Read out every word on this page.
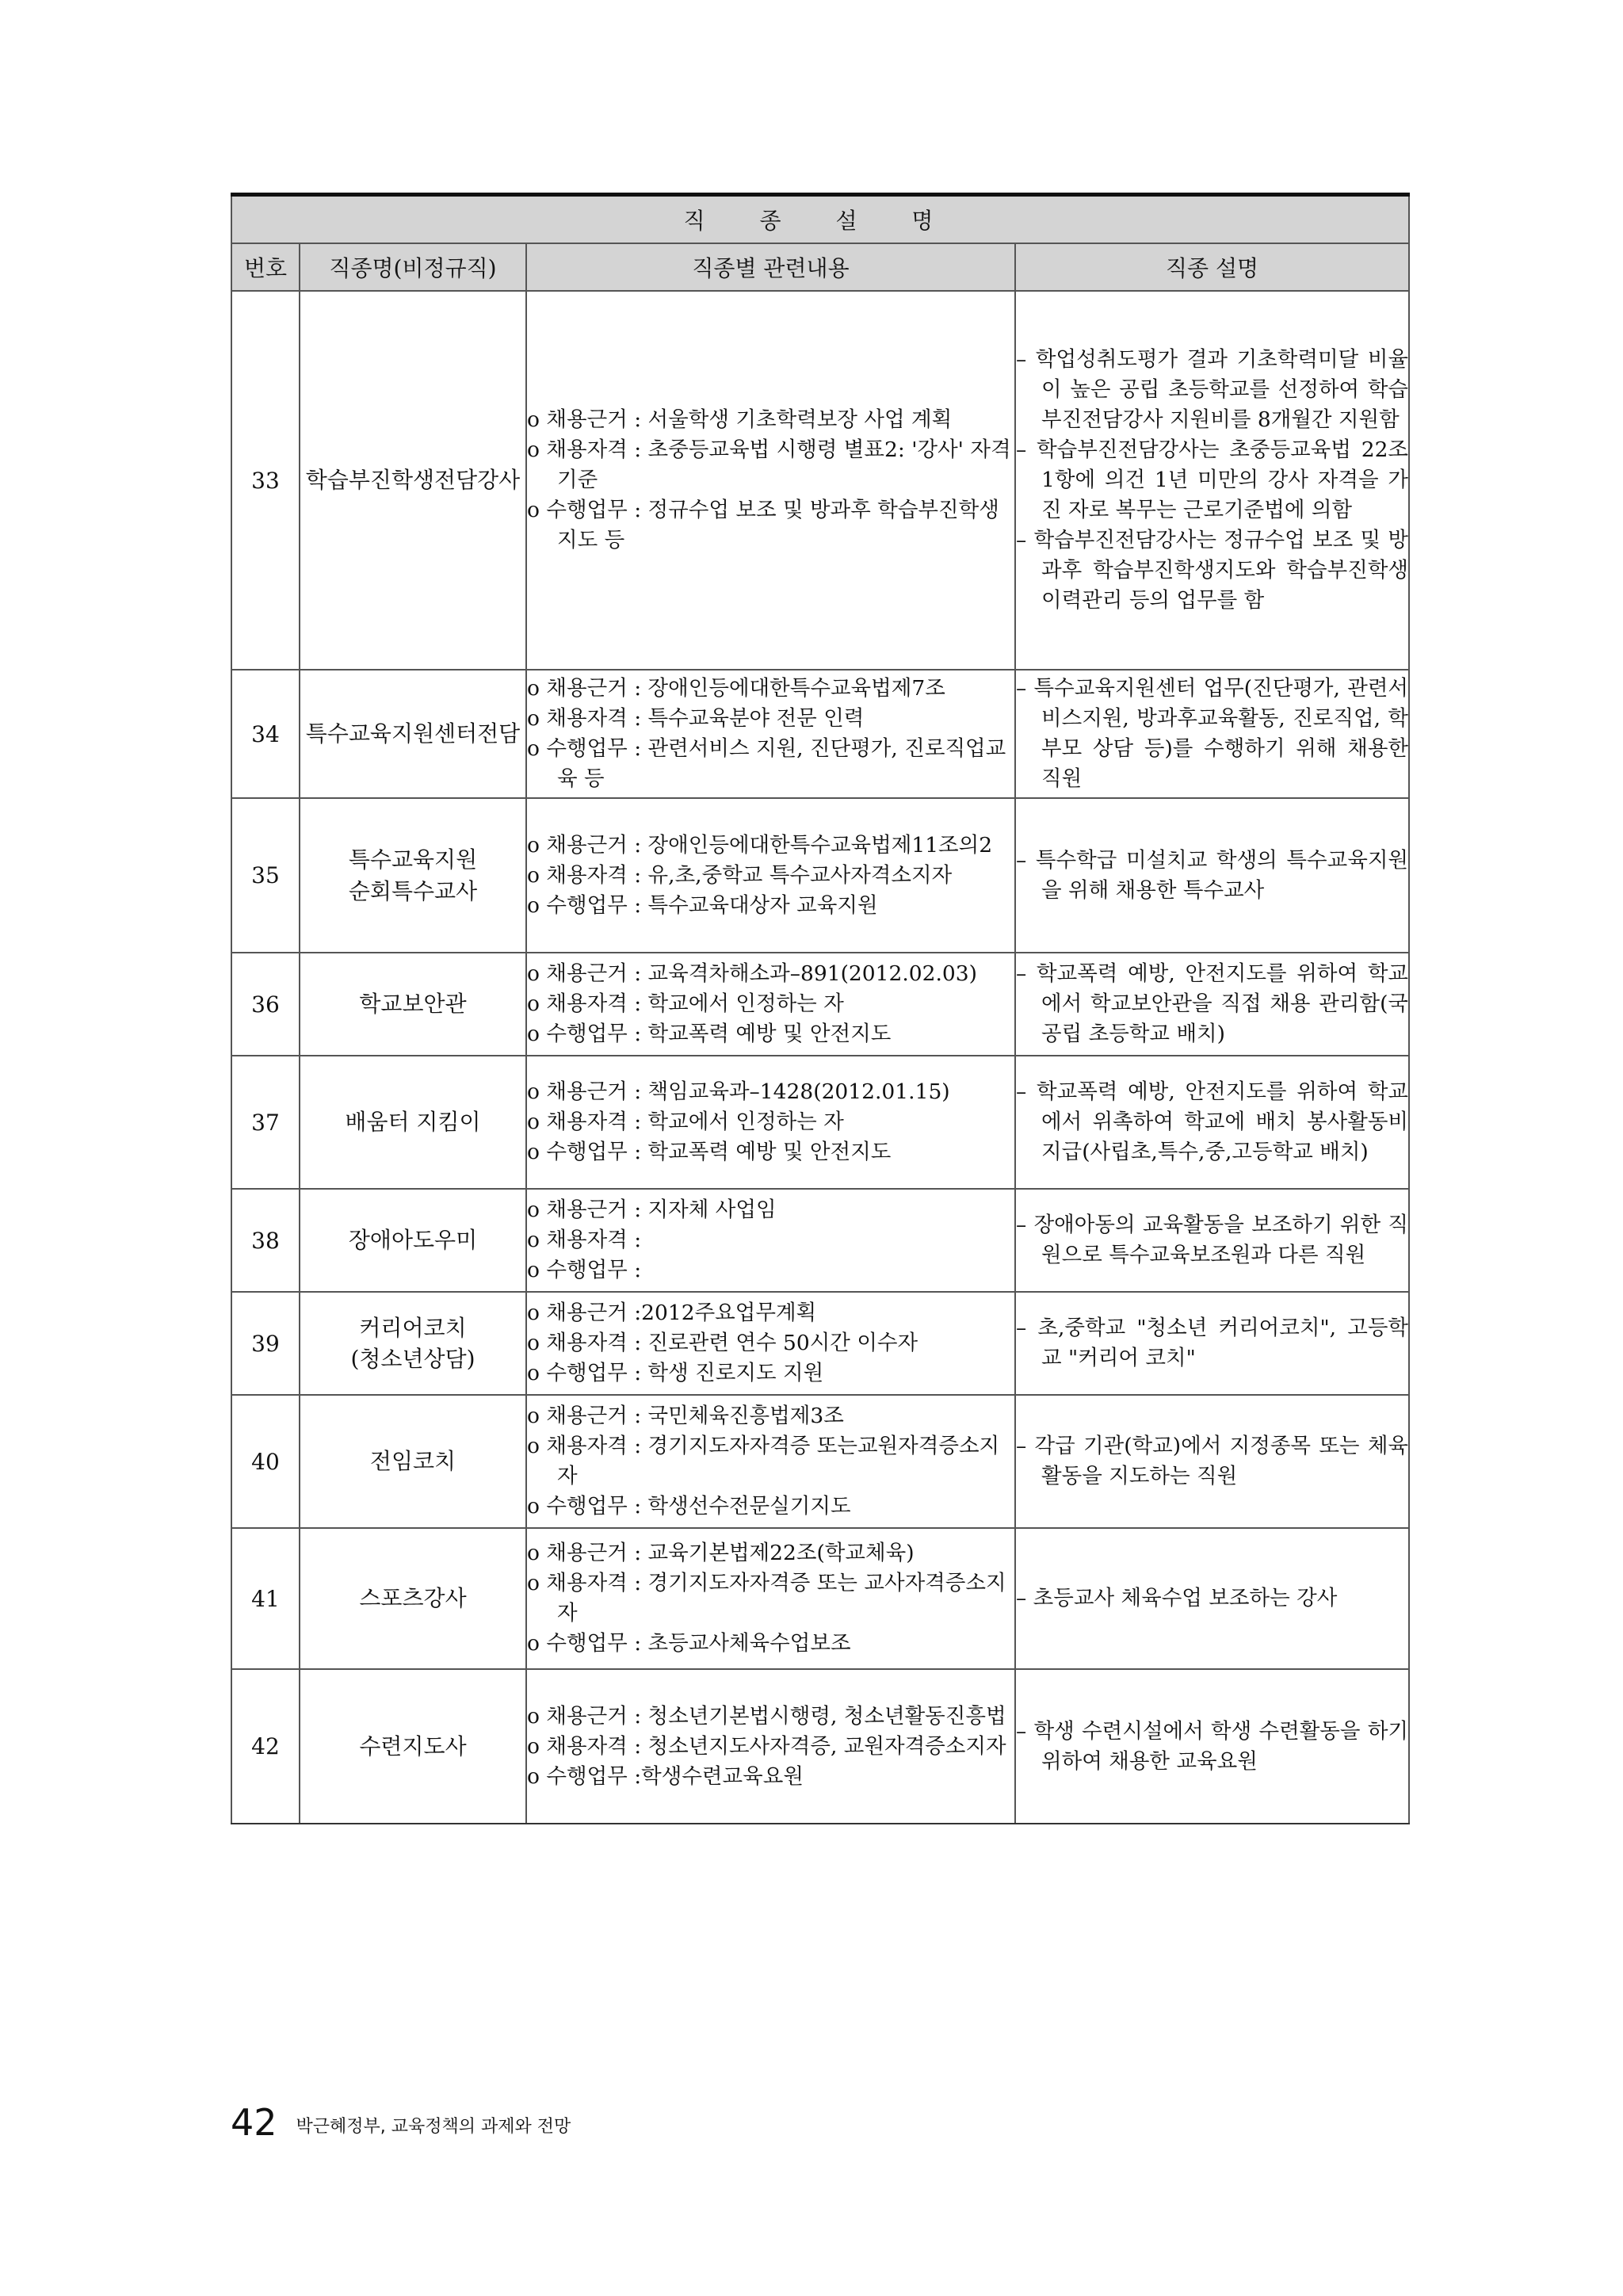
직 종 설 명			
번호	직종명(비정규직)	직종별 관련내용	직종 설명
33	학습부진학생전담강사	o 채용근거 : 서울학생 기초학력보장 사업 계획
o 채용자격 : 초중등교육법 시행령 별표2: '강사' 자격 기준
o 수행업무 : 정규수업 보조 및 방과후 학습부진학생 지도 등	– 학업성취도평가 결과 기초학력미달 비율이 높은 공립 초등학교를 선정하여 학습부진전담강사 지원비를 8개월간 지원함
– 학습부진전담강사는 초중등교육법 22조 1항에 의건 1년 미만의 강사 자격을 가진 자로 복무는 근로기준법에 의함
– 학습부진전담강사는 정규수업 보조 및 방과후 학습부진학생지도와 학습부진학생 이력관리 등의 업무를 함

34	특수교육지원센터전담	o 채용근거 : 장애인등에대한특수교육법제7조
o 채용자격 : 특수교육분야 전문 인력
o 수행업무 : 관련서비스 지원, 진단평가, 진로직업교육 등	– 특수교육지원센터 업무(진단평가, 관련서비스지원, 방과후교육활동, 진로직업, 학부모 상담 등)를 수행하기 위해 채용한 직원

35	특수교육지원
순회특수교사	o 채용근거 : 장애인등에대한특수교육법제11조의2
o 채용자격 : 유,초,중학교 특수교사자격소지자
o 수행업무 : 특수교육대상자 교육지원	– 특수학급 미설치교 학생의 특수교육지원을 위해 채용한 특수교사

36	학교보안관	o 채용근거 : 교육격차해소과–891(2012.02.03)
o 채용자격 : 학교에서 인정하는 자
o 수행업무 : 학교폭력 예방 및 안전지도	– 학교폭력 예방, 안전지도를 위하여 학교에서 학교보안관을 직접 채용 관리함(국공립 초등학교 배치)

37	배움터 지킴이	o 채용근거 : 책임교육과–1428(2012.01.15)
o 채용자격 : 학교에서 인정하는 자
o 수행업무 : 학교폭력 예방 및 안전지도	– 학교폭력 예방, 안전지도를 위하여 학교에서 위촉하여 학교에 배치 봉사활동비 지급(사립초,특수,중,고등학교 배치)

38	장애아도우미	o 채용근거 : 지자체 사업임
o 채용자격 :
o 수행업무 :	– 장애아동의 교육활동을 보조하기 위한 직원으로 특수교육보조원과 다른 직원

39	커리어코치
(청소년상담)	o 채용근거 :2012주요업무계획
o 채용자격 : 진로관련 연수 50시간 이수자
o 수행업무 : 학생 진로지도 지원	– 초,중학교 "청소년 커리어코치", 고등학교 "커리어 코치"

40	전임코치	o 채용근거 : 국민체육진흥법제3조
o 채용자격 : 경기지도자자격증 또는교원자격증소지자
o 수행업무 : 학생선수전문실기지도	– 각급 기관(학교)에서 지정종목 또는 체육활동을 지도하는 직원

41	스포츠강사	o 채용근거 : 교육기본법제22조(학교체육)
o 채용자격 : 경기지도자자격증 또는 교사자격증소지자
o 수행업무 : 초등교사체육수업보조	– 초등교사 체육수업 보조하는 강사

42	수련지도사	o 채용근거 : 청소년기본법시행령, 청소년활동진흥법
o 채용자격 : 청소년지도사자격증, 교원자격증소지자
o 수행업무 :학생수련교육요원	– 학생 수련시설에서 학생 수련활동을 하기 위하여 채용한 교육요원
42 박근혜정부, 교육정책의 과제와 전망
